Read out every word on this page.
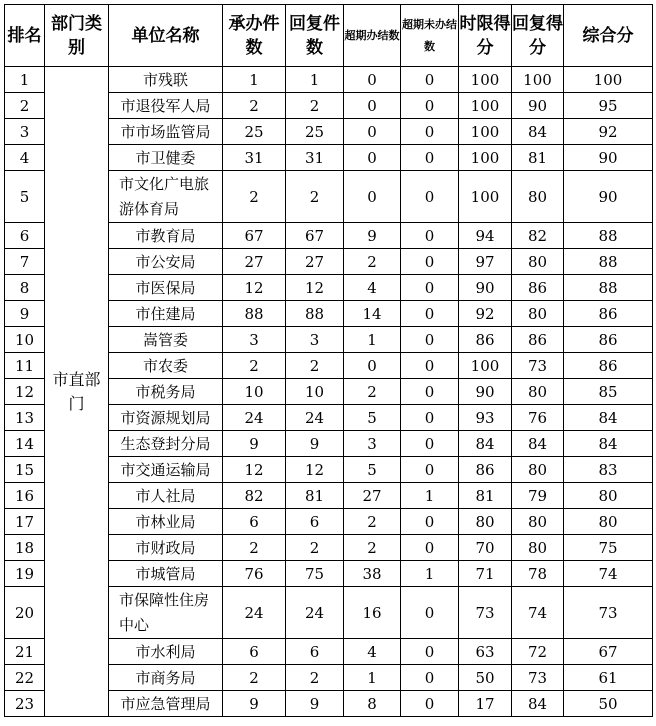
排名	部门类别	单位名称	承办件数	回复件数	超期办结数	超期未办结数	时限得分	回复得分	综合分
1	市直部门	市残联	1	1	0	0	100	100	100
2		市退役军人局	2	2	0	0	100	90	95
3		市市场监管局	25	25	0	0	100	84	92
4		市卫健委	31	31	0	0	100	81	90
5		市文化广电旅游体育局	2	2	0	0	100	80	90
6		市教育局	67	67	9	0	94	82	88
7		市公安局	27	27	2	0	97	80	88
8		市医保局	12	12	4	0	90	86	88
9		市住建局	88	88	14	0	92	80	86
10		嵩管委	3	3	1	0	86	86	86
11		市农委	2	2	0	0	100	73	86
12		市税务局	10	10	2	0	90	80	85
13		市资源规划局	24	24	5	0	93	76	84
14		生态登封分局	9	9	3	0	84	84	84
15		市交通运输局	12	12	5	0	86	80	83
16		市人社局	82	81	27	1	81	79	80
17		市林业局	6	6	2	0	80	80	80
18		市财政局	2	2	2	0	70	80	75
19		市城管局	76	75	38	1	71	78	74
20		市保障性住房中心	24	24	16	0	73	74	73
21		市水利局	6	6	4	0	63	72	67
22		市商务局	2	2	1	0	50	73	61
23		市应急管理局	9	9	8	0	17	84	50
